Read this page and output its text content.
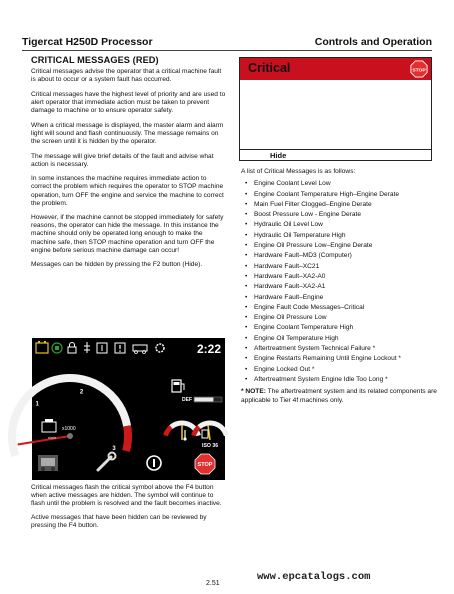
Tigercat H250D Processor	Controls and Operation
CRITICAL MESSAGES (RED)

Critical messages advise the operator that a critical machine fault is about to occur or a system fault has occurred.

Critical messages have the highest level of priority and are used to alert operator that immediate action must be taken to prevent damage to machine or to ensure operator safety.

When a critical message is displayed, the master alarm and alarm light will sound and flash continuously. The message remains on the screen until it is hidden by the operator.

The message will give brief details of the fault and advise what action is necessary.

In some instances the machine requires immediate action to correct the problem which requires the operator to STOP machine operation, turn OFF the engine and service the machine to correct the problem.

However, if the machine cannot be stopped immediately for safety reasons, the operator can hide the message. In this instance the machine should only be operated long enough to make the machine safe, then STOP machine operation and turn OFF the engine before serious machine damage can occur!

Messages can be hidden by pressing the F2 button (Hide).

Critical	STOP
Hide
A list of Critical Messages is as follows:
• Engine Coolant Level Low
• Engine Coolant Temperature High–Engine Derate
• Main Fuel Filter Clogged–Engine Derate
• Boost Pressure Low - Engine Derate
• Hydraulic Oil Level Low
• Hydraulic Oil Temperature High
• Engine Oil Pressure Low–Engine Derate
• Hardware Fault–MD3 (Computer)
• Hardware Fault–XC21
• Hardware Fault–XA2-A0
• Hardware Fault–XA2-A1
• Hardware Fault–Engine
• Engine Fault Code Messages–Critical
• Engine Oil Pressure Low
• Engine Coolant Temperature High
• Engine Oil Temperature High
• Aftertreatment System Technical Failure *
• Engine Restarts Remaining Until Engine Lockout *
• Engine Locked Out *
• Aftertreatment System Engine Idle Too Long *
* NOTE: The aftertreatment system and its related components are applicable to Tier 4f machines only.
0
1
2
3
x1000
r/min
DEF
ISO 36
STOP
2:22

Critical messages flash the critical symbol above the F4 button when active messages are hidden. The symbol will continue to flash until the problem is resolved and the fault becomes inactive.

Active messages that have been hidden can be reviewed by pressing the F4 button.

2.51
www.epcatalogs.com
